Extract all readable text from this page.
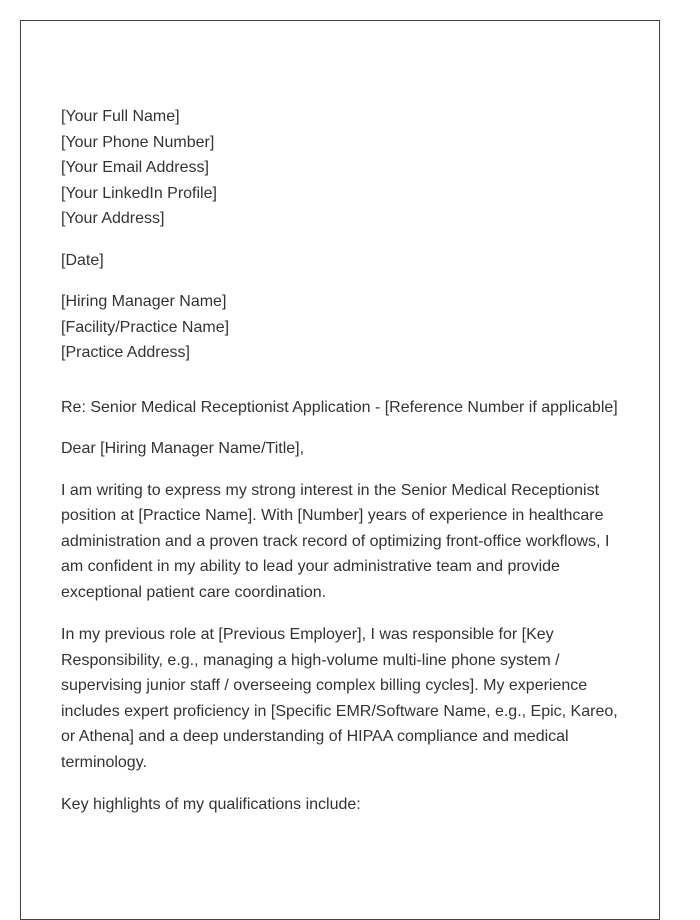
[Your Full Name]
[Your Phone Number]
[Your Email Address]
[Your LinkedIn Profile]
[Your Address]

[Date]

[Hiring Manager Name]
[Facility/Practice Name]
[Practice Address]

Re: Senior Medical Receptionist Application - [Reference Number if applicable]

Dear [Hiring Manager Name/Title],

I am writing to express my strong interest in the Senior Medical Receptionist position at [Practice Name]. With [Number] years of experience in healthcare administration and a proven track record of optimizing front-office workflows, I am confident in my ability to lead your administrative team and provide exceptional patient care coordination.

In my previous role at [Previous Employer], I was responsible for [Key Responsibility, e.g., managing a high-volume multi-line phone system / supervising junior staff / overseeing complex billing cycles]. My experience includes expert proficiency in [Specific EMR/Software Name, e.g., Epic, Kareo, or Athena] and a deep understanding of HIPAA compliance and medical terminology.

Key highlights of my qualifications include:
